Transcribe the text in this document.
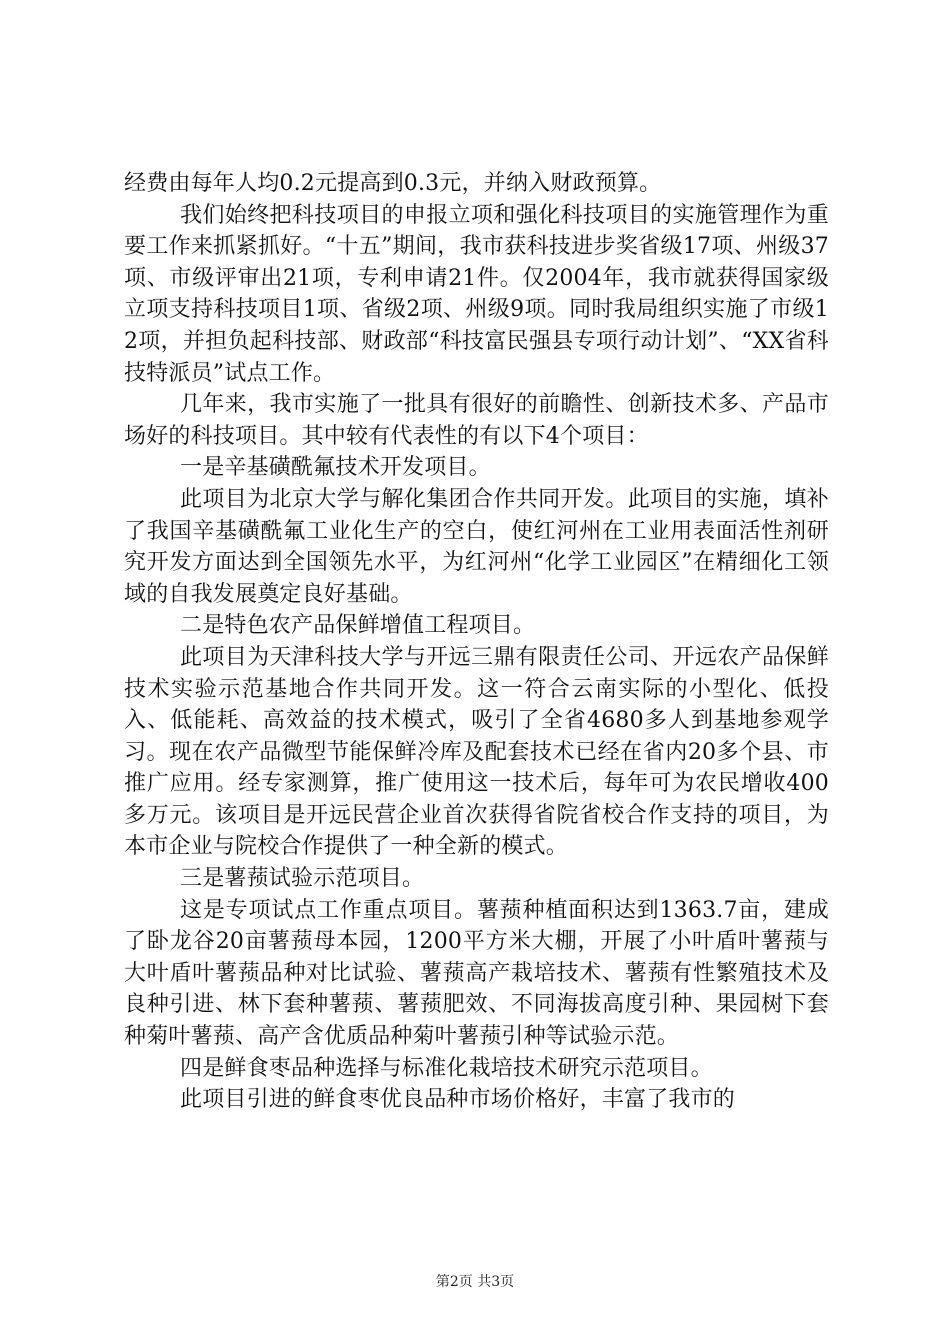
经费由每年人均0.2元提高到0.3元，并纳入财政预算。

我们始终把科技项目的申报立项和强化科技项目的实施管理作为重要工作来抓紧抓好。“十五”期间，我市获科技进步奖省级17项、州级37项、市级评审出21项，专利申请21件。仅2004年，我市就获得国家级立项支持科技项目1项、省级2项、州级9项。同时我局组织实施了市级12项，并担负起科技部、财政部“科技富民强县专项行动计划”、“XX省科技特派员”试点工作。

几年来，我市实施了一批具有很好的前瞻性、创新技术多、产品市场好的科技项目。其中较有代表性的有以下4个项目：

一是辛基磺酰氟技术开发项目。

此项目为北京大学与解化集团合作共同开发。此项目的实施，填补了我国辛基磺酰氟工业化生产的空白，使红河州在工业用表面活性剂研究开发方面达到全国领先水平，为红河州“化学工业园区”在精细化工领域的自我发展奠定良好基础。

二是特色农产品保鲜增值工程项目。

此项目为天津科技大学与开远三鼎有限责任公司、开远农产品保鲜技术实验示范基地合作共同开发。这一符合云南实际的小型化、低投入、低能耗、高效益的技术模式，吸引了全省4680多人到基地参观学习。现在农产品微型节能保鲜冷库及配套技术已经在省内20多个县、市推广应用。经专家测算，推广使用这一技术后，每年可为农民增收400多万元。该项目是开远民营企业首次获得省院省校合作支持的项目，为本市企业与院校合作提供了一种全新的模式。

三是薯蓣试验示范项目。

这是专项试点工作重点项目。薯蓣种植面积达到1363.7亩，建成了卧龙谷20亩薯蓣母本园，1200平方米大棚，开展了小叶盾叶薯蓣与大叶盾叶薯蓣品种对比试验、薯蓣高产栽培技术、薯蓣有性繁殖技术及良种引进、林下套种薯蓣、薯蓣肥效、不同海拔高度引种、果园树下套种菊叶薯蓣、高产含优质品种菊叶薯蓣引种等试验示范。

四是鲜食枣品种选择与标准化栽培技术研究示范项目。

此项目引进的鲜食枣优良品种市场价格好，丰富了我市的

第2页 共3页
